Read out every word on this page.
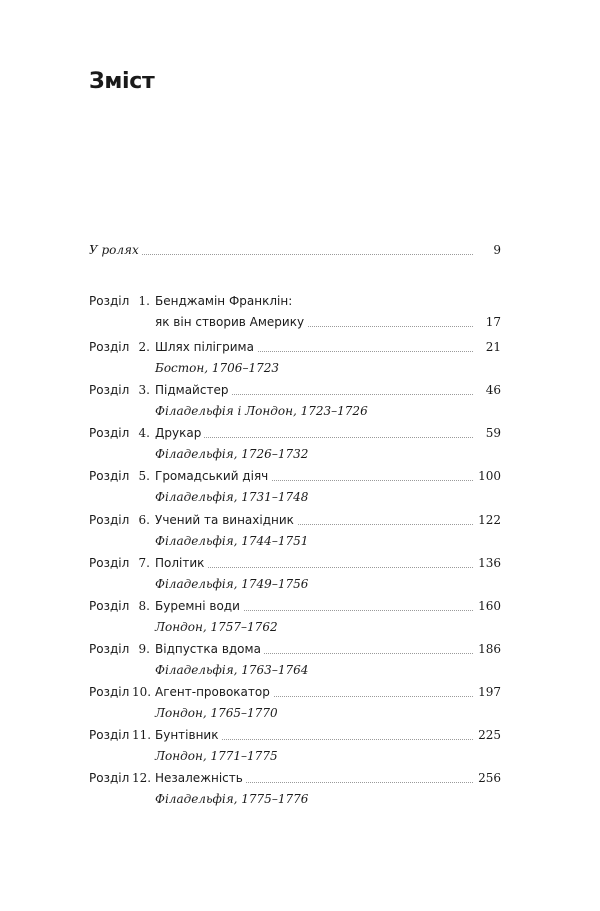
Зміст
У ролях	9
Розділ 1. Бенджамін Франклін:
як він створив Америку	17
Розділ 2. Шлях пілігрима	21
Бостон, 1706–1723
Розділ 3. Підмайстер	46
Філадельфія і Лондон, 1723–1726
Розділ 4. Друкар	59
Філадельфія, 1726–1732
Розділ 5. Громадський діяч	100
Філадельфія, 1731–1748
Розділ 6. Учений та винахідник	122
Філадельфія, 1744–1751
Розділ 7. Політик	136
Філадельфія, 1749–1756
Розділ 8. Буремні води	160
Лондон, 1757–1762
Розділ 9. Відпустка вдома	186
Філадельфія, 1763–1764
Розділ 10. Агент-провокатор	197
Лондон, 1765–1770
Розділ 11. Бунтівник	225
Лондон, 1771–1775
Розділ 12. Незалежність	256
Філадельфія, 1775–1776
